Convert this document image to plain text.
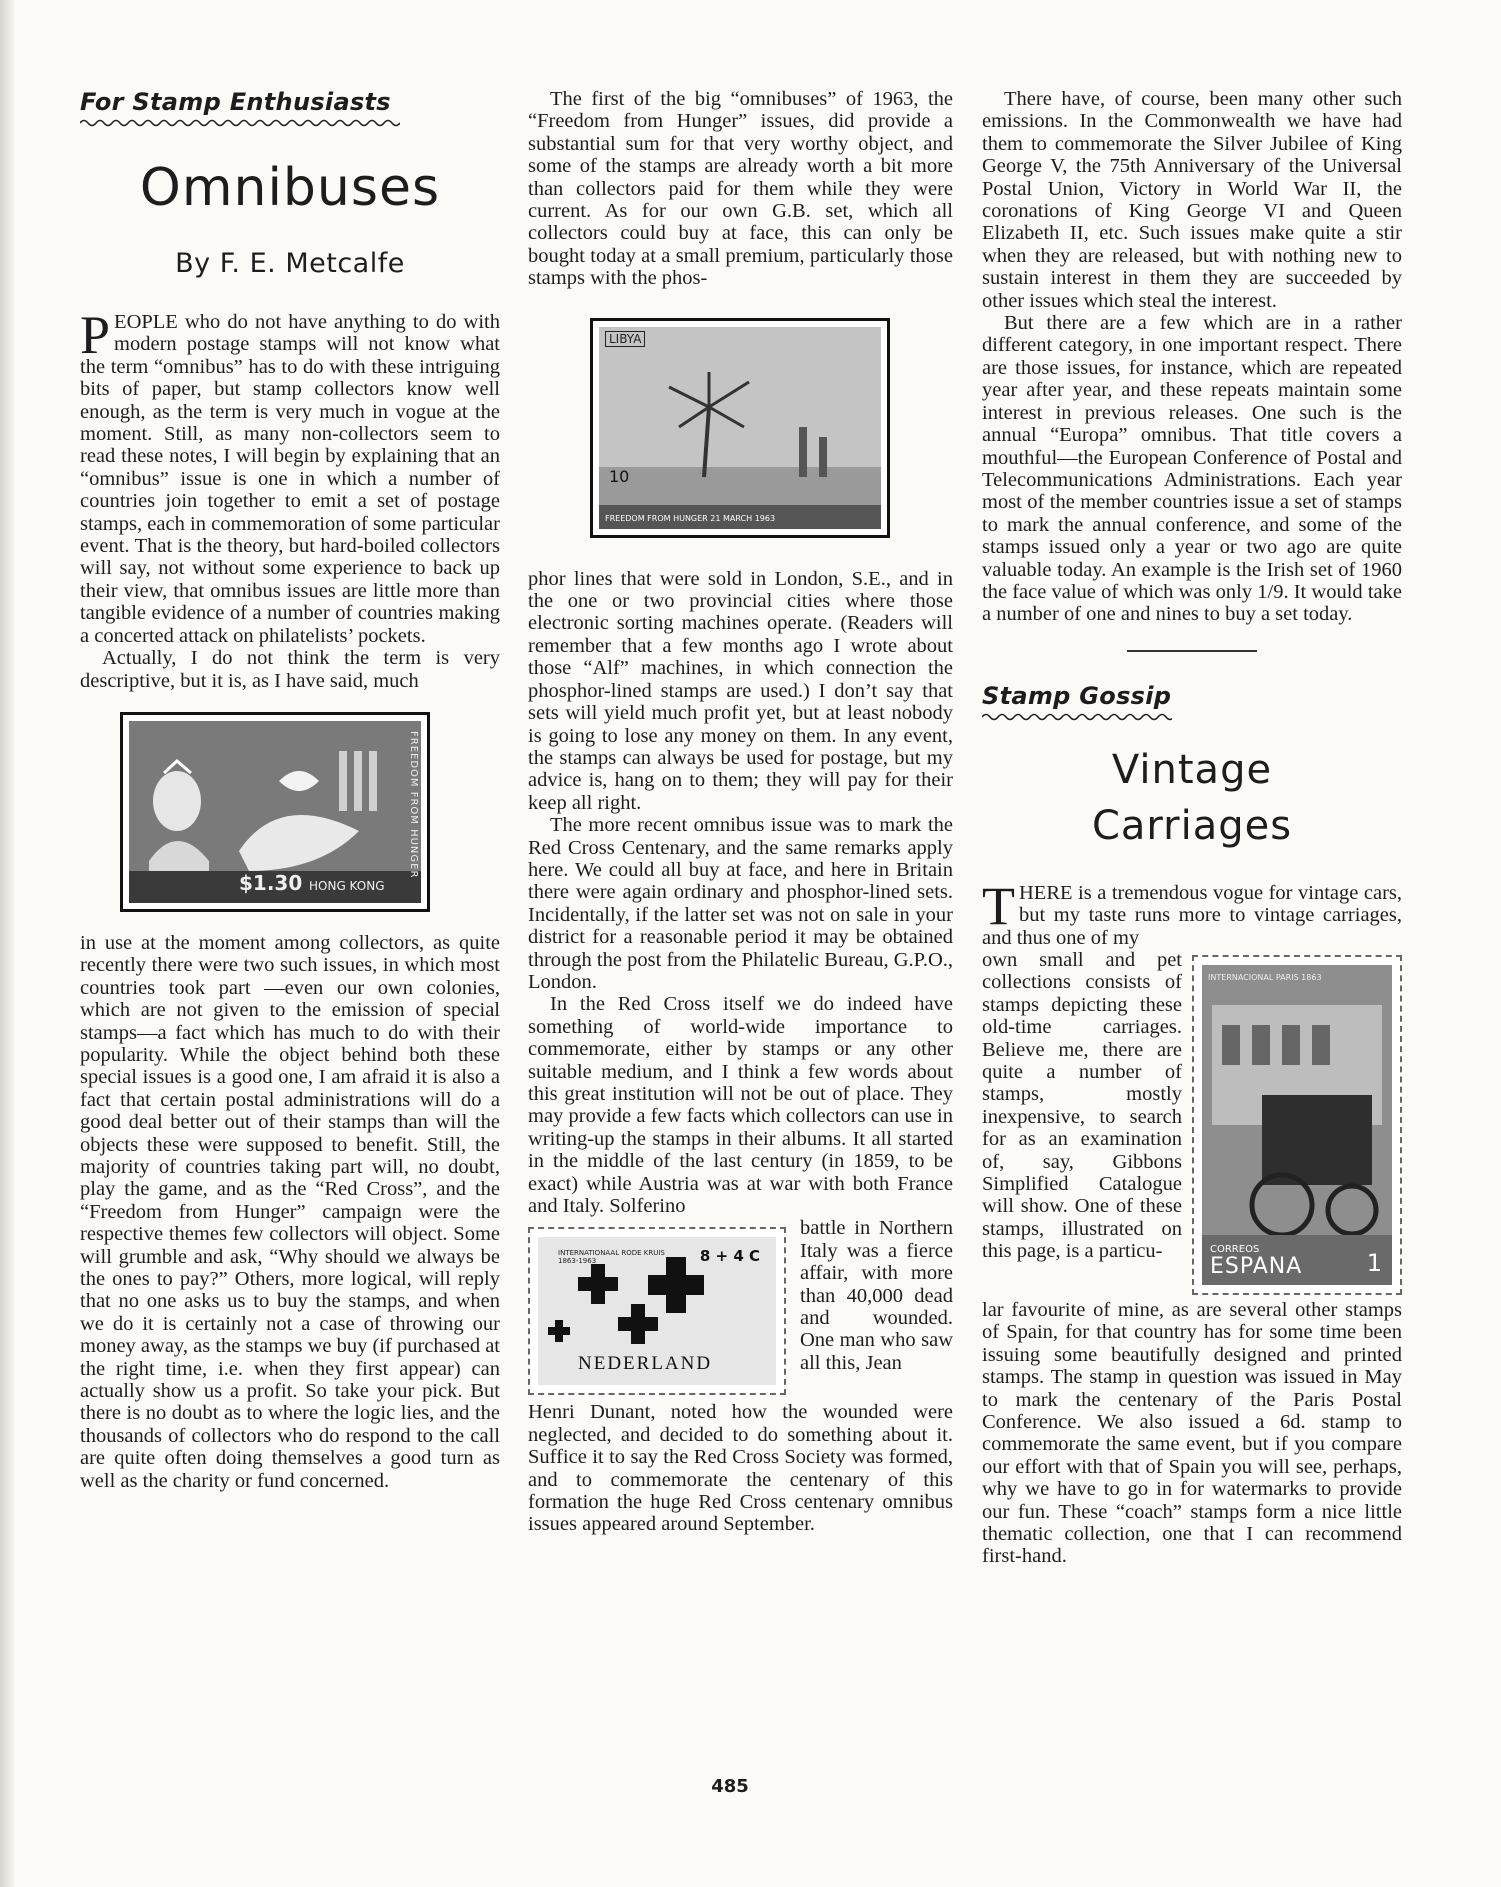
For Stamp Enthusiasts
Omnibuses

By F. E. Metcalfe

PEOPLE who do not have anything to do with modern postage stamps will not know what the term “omnibus” has to do with these intriguing bits of paper, but stamp collectors know well enough, as the term is very much in vogue at the moment. Still, as many non-collectors seem to read these notes, I will begin by explaining that an “omnibus” issue is one in which a number of countries join together to emit a set of postage stamps, each in commemoration of some particular event. That is the theory, but hard-boiled collectors will say, not without some experience to back up their view, that omnibus issues are little more than tangible evidence of a number of countries making a concerted attack on philatelists’ pockets.

Actually, I do not think the term is very descriptive, but it is, as I have said, much

FREEDOM FROM HUNGER
$1.30 HONG KONG

in use at the moment among collectors, as quite recently there were two such issues, in which most countries took part —even our own colonies, which are not given to the emission of special stamps—a fact which has much to do with their popularity. While the object behind both these special issues is a good one, I am afraid it is also a fact that certain postal administrations will do a good deal better out of their stamps than will the objects these were supposed to benefit. Still, the majority of countries taking part will, no doubt, play the game, and as the “Red Cross”, and the “Freedom from Hunger” campaign were the respective themes few collectors will object. Some will grumble and ask, “Why should we always be the ones to pay?” Others, more logical, will reply that no one asks us to buy the stamps, and when we do it is certainly not a case of throwing our money away, as the stamps we buy (if purchased at the right time, i.e. when they first appear) can actually show us a profit. So take your pick. But there is no doubt as to where the logic lies, and the thousands of collectors who do respond to the call are quite often doing themselves a good turn as well as the charity or fund concerned.

The first of the big “omnibuses” of 1963, the “Freedom from Hunger” issues, did provide a substantial sum for that very worthy object, and some of the stamps are already worth a bit more than collectors paid for them while they were current. As for our own G.B. set, which all collectors could buy at face, this can only be bought today at a small premium, particularly those stamps with the phos-

LIBYA
10
FREEDOM FROM HUNGER 21 MARCH 1963

phor lines that were sold in London, S.E., and in the one or two provincial cities where those electronic sorting machines operate. (Readers will remember that a few months ago I wrote about those “Alf” machines, in which connection the phosphor-lined stamps are used.) I don’t say that sets will yield much profit yet, but at least nobody is going to lose any money on them. In any event, the stamps can always be used for postage, but my advice is, hang on to them; they will pay for their keep all right.

The more recent omnibus issue was to mark the Red Cross Centenary, and the same remarks apply here. We could all buy at face, and here in Britain there were again ordinary and phosphor-lined sets. Incidentally, if the latter set was not on sale in your district for a reasonable period it may be obtained through the post from the Philatelic Bureau, G.P.O., London.

In the Red Cross itself we do indeed have something of world-wide importance to commemorate, either by stamps or any other suitable medium, and I think a few words about this great institution will not be out of place. They may provide a few facts which collectors can use in writing-up the stamps in their albums. It all started in the middle of the last century (in 1859, to be exact) while Austria was at war with both France and Italy. Solferino

INTERNATIONAAL RODE KRUIS 1863-1963	8 + 4 C
NEDERLAND

battle in Northern Italy was a fierce affair, with more than 40,000 dead and wounded. One man who saw all this, Jean

Henri Dunant, noted how the wounded were neglected, and decided to do something about it. Suffice it to say the Red Cross Society was formed, and to commemorate the centenary of this formation the huge Red Cross centenary omnibus issues appeared around September.

There have, of course, been many other such emissions. In the Commonwealth we have had them to commemorate the Silver Jubilee of King George V, the 75th Anniversary of the Universal Postal Union, Victory in World War II, the coronations of King George VI and Queen Elizabeth II, etc. Such issues make quite a stir when they are released, but with nothing new to sustain interest in them they are succeeded by other issues which steal the interest.

But there are a few which are in a rather different category, in one important respect. There are those issues, for instance, which are repeated year after year, and these repeats maintain some interest in previous releases. One such is the annual “Europa” omnibus. That title covers a mouthful—the European Conference of Postal and Telecommunications Administrations. Each year most of the member countries issue a set of stamps to mark the annual conference, and some of the stamps issued only a year or two ago are quite valuable today. An example is the Irish set of 1960 the face value of which was only 1/9. It would take a number of one and nines to buy a set today.

Stamp Gossip
Vintage
Carriages

THERE is a tremendous vogue for vintage cars, but my taste runs more to vintage carriages, and thus one of my

INTERNACIONAL PARIS 1863
CORREOS
ESPANA	1

own small and pet collections consists of stamps depicting these old-time carriages. Believe me, there are quite a number of stamps, mostly inexpensive, to search for as an examination of, say, Gibbons Simplified Catalogue will show. One of these stamps, illustrated on this page, is a particu-

lar favourite of mine, as are several other stamps of Spain, for that country has for some time been issuing some beautifully designed and printed stamps. The stamp in question was issued in May to mark the centenary of the Paris Postal Conference. We also issued a 6d. stamp to commemorate the same event, but if you compare our effort with that of Spain you will see, perhaps, why we have to go in for watermarks to provide our fun. These “coach” stamps form a nice little thematic collection, one that I can recommend first-hand.

485
